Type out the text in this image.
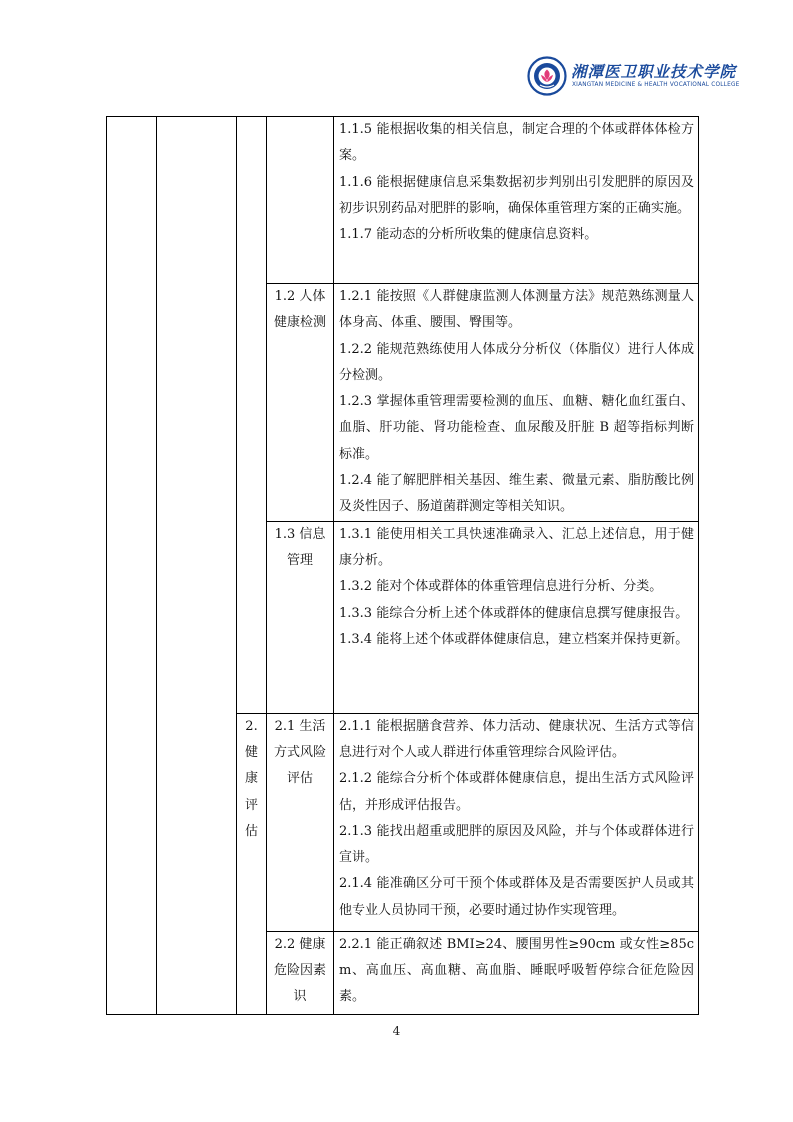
湘潭医卫职业技术学院
XIANGTAN MEDICINE & HEALTH VOCATIONAL COLLEGE

				1.1.5 能根据收集的相关信息，制定合理的个体或群体体检方案。

1.1.6 能根据健康信息采集数据初步判别出引发肥胖的原因及初步识别药品对肥胖的影响，确保体重管理方案的正确实施。

1.1.7 能动态的分析所收集的健康信息资料。

			1.2 人体健康检测	1.2.1 能按照《人群健康监测人体测量方法》规范熟练测量人体身高、体重、腰围、臀围等。

1.2.2 能规范熟练使用人体成分分析仪（体脂仪）进行人体成分检测。

1.2.3 掌握体重管理需要检测的血压、血糖、糖化血红蛋白、血脂、肝功能、肾功能检查、血尿酸及肝脏 B 超等指标判断标准。

1.2.4 能了解肥胖相关基因、维生素、微量元素、脂肪酸比例及炎性因子、肠道菌群测定等相关知识。

			1.3 信息管理	1.3.1 能使用相关工具快速准确录入、汇总上述信息，用于健康分析。

1.3.2 能对个体或群体的体重管理信息进行分析、分类。

1.3.3 能综合分析上述个体或群体的健康信息撰写健康报告。

1.3.4 能将上述个体或群体健康信息，建立档案并保持更新。

		2. 健康评估	2.1 生活方式风险评估	2.1.1 能根据膳食营养、体力活动、健康状况、生活方式等信息进行对个人或人群进行体重管理综合风险评估。

2.1.2 能综合分析个体或群体健康信息，提出生活方式风险评估，并形成评估报告。

2.1.3 能找出超重或肥胖的原因及风险，并与个体或群体进行宣讲。

2.1.4 能准确区分可干预个体或群体及是否需要医护人员或其他专业人员协同干预，必要时通过协作实现管理。

			2.2 健康危险因素识	2.2.1 能正确叙述 BMI≥24、腰围男性≥90cm 或女性≥85cm、高血压、高血糖、高血脂、睡眠呼吸暂停综合征危险因素。

4
